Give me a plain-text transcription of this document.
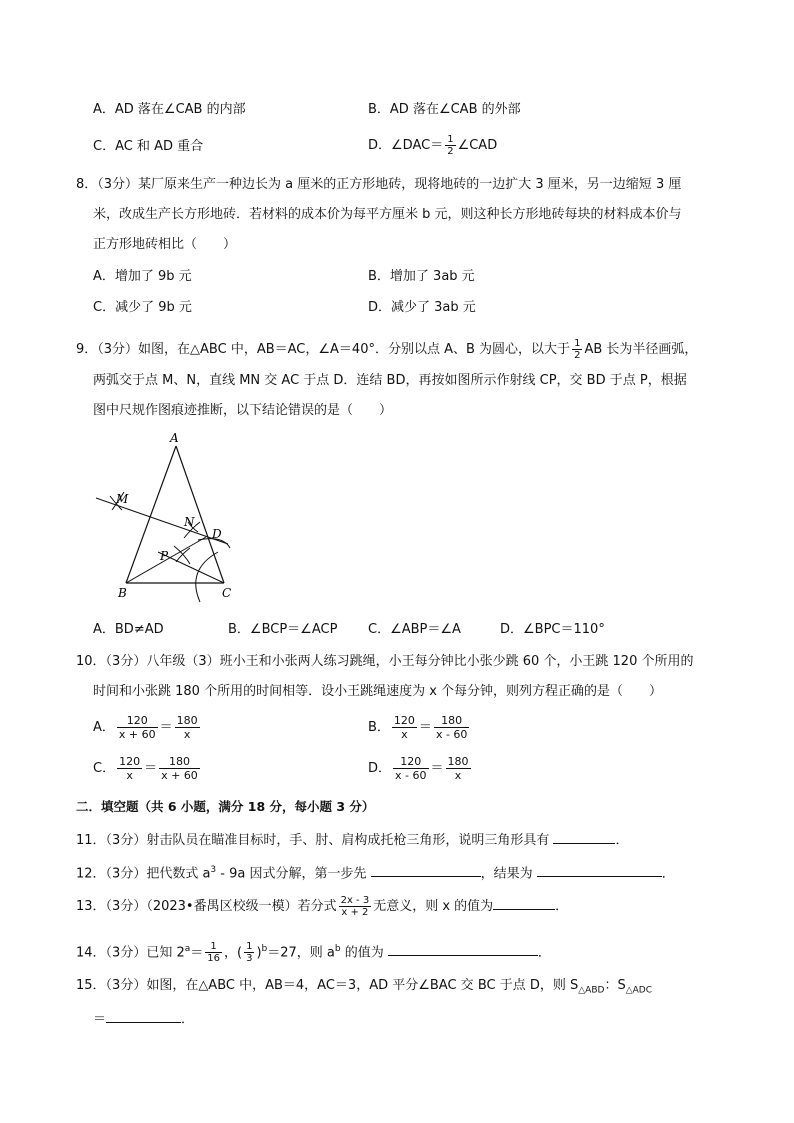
A．AD 落在∠CAB 的内部	B．AD 落在∠CAB 的外部
C．AC 和 AD 重合	D．∠DAC＝ $\frac{1}{2}$ ∠CAD
8．（3分）某厂原来生产一种边长为 a 厘米的正方形地砖，现将地砖的一边扩大 3 厘米，另一边缩短 3 厘
米，改成生产长方形地砖．若材料的成本价为每平方厘米 b 元，则这种长方形地砖每块的材料成本价与
正方形地砖相比（　　）
A．增加了 9b 元	B．增加了 3ab 元
C．减少了 9b 元	D．减少了 3ab 元
9．（3分）如图，在△ABC 中，AB＝AC，∠A＝40°．分别以点 A、B 为圆心，以大于 $\frac{1}{2}$ AB 长为半径画弧，
两弧交于点 M、N，直线 MN 交 AC 于点 D．连结 BD，再按如图所示作射线 CP，交 BD 于点 P，根据
图中尺规作图痕迹推断，以下结论错误的是（　　）
A
M
N
D
P
B	C
A．BD≠AD	B．∠BCP＝∠ACP C．∠ABP＝∠A	D．∠BPC＝110°
10．（3分）八年级（3）班小王和小张两人练习跳绳，小王每分钟比小张少跳 60 个，小王跳 120 个所用的
时间和小张跳 180 个所用的时间相等．设小王跳绳速度为 x 个每分钟，则列方程正确的是（　　）
A． $\frac{120}{x + 60} = \frac{180}{x}$	B． $\frac{120}{x} = \frac{180}{x - 60}$
C． $\frac{120}{x} = \frac{180}{x + 60}$	D． $\frac{120}{x - 60} = \frac{180}{x}$
二．填空题（共 6 小题，满分 18 分，每小题 3 分）
11．（3分）射击队员在瞄准目标时，手、肘、肩构成托枪三角形，说明三角形具有	．
12．（3分）把代数式 $a^3 - 9a$ 因式分解，第一步先	，结果为	．
13．（3分）（2023•番禺区校级一模）若分式 $\frac{2x - 3}{x + 2}$ 无意义，则 x 的值为	．
14．（3分）已知 $2^a= \frac{1}{16}$ ，( $\frac{1}{3} )^b=27$，则 $a^b$ 的值为	．
15．（3分）如图，在△ABC 中，AB＝4，AC＝3，AD 平分∠BAC 交 BC 于点 D，则 $S_{\triangle ABD}$：$S_{\triangle ADC}$
＝	．
